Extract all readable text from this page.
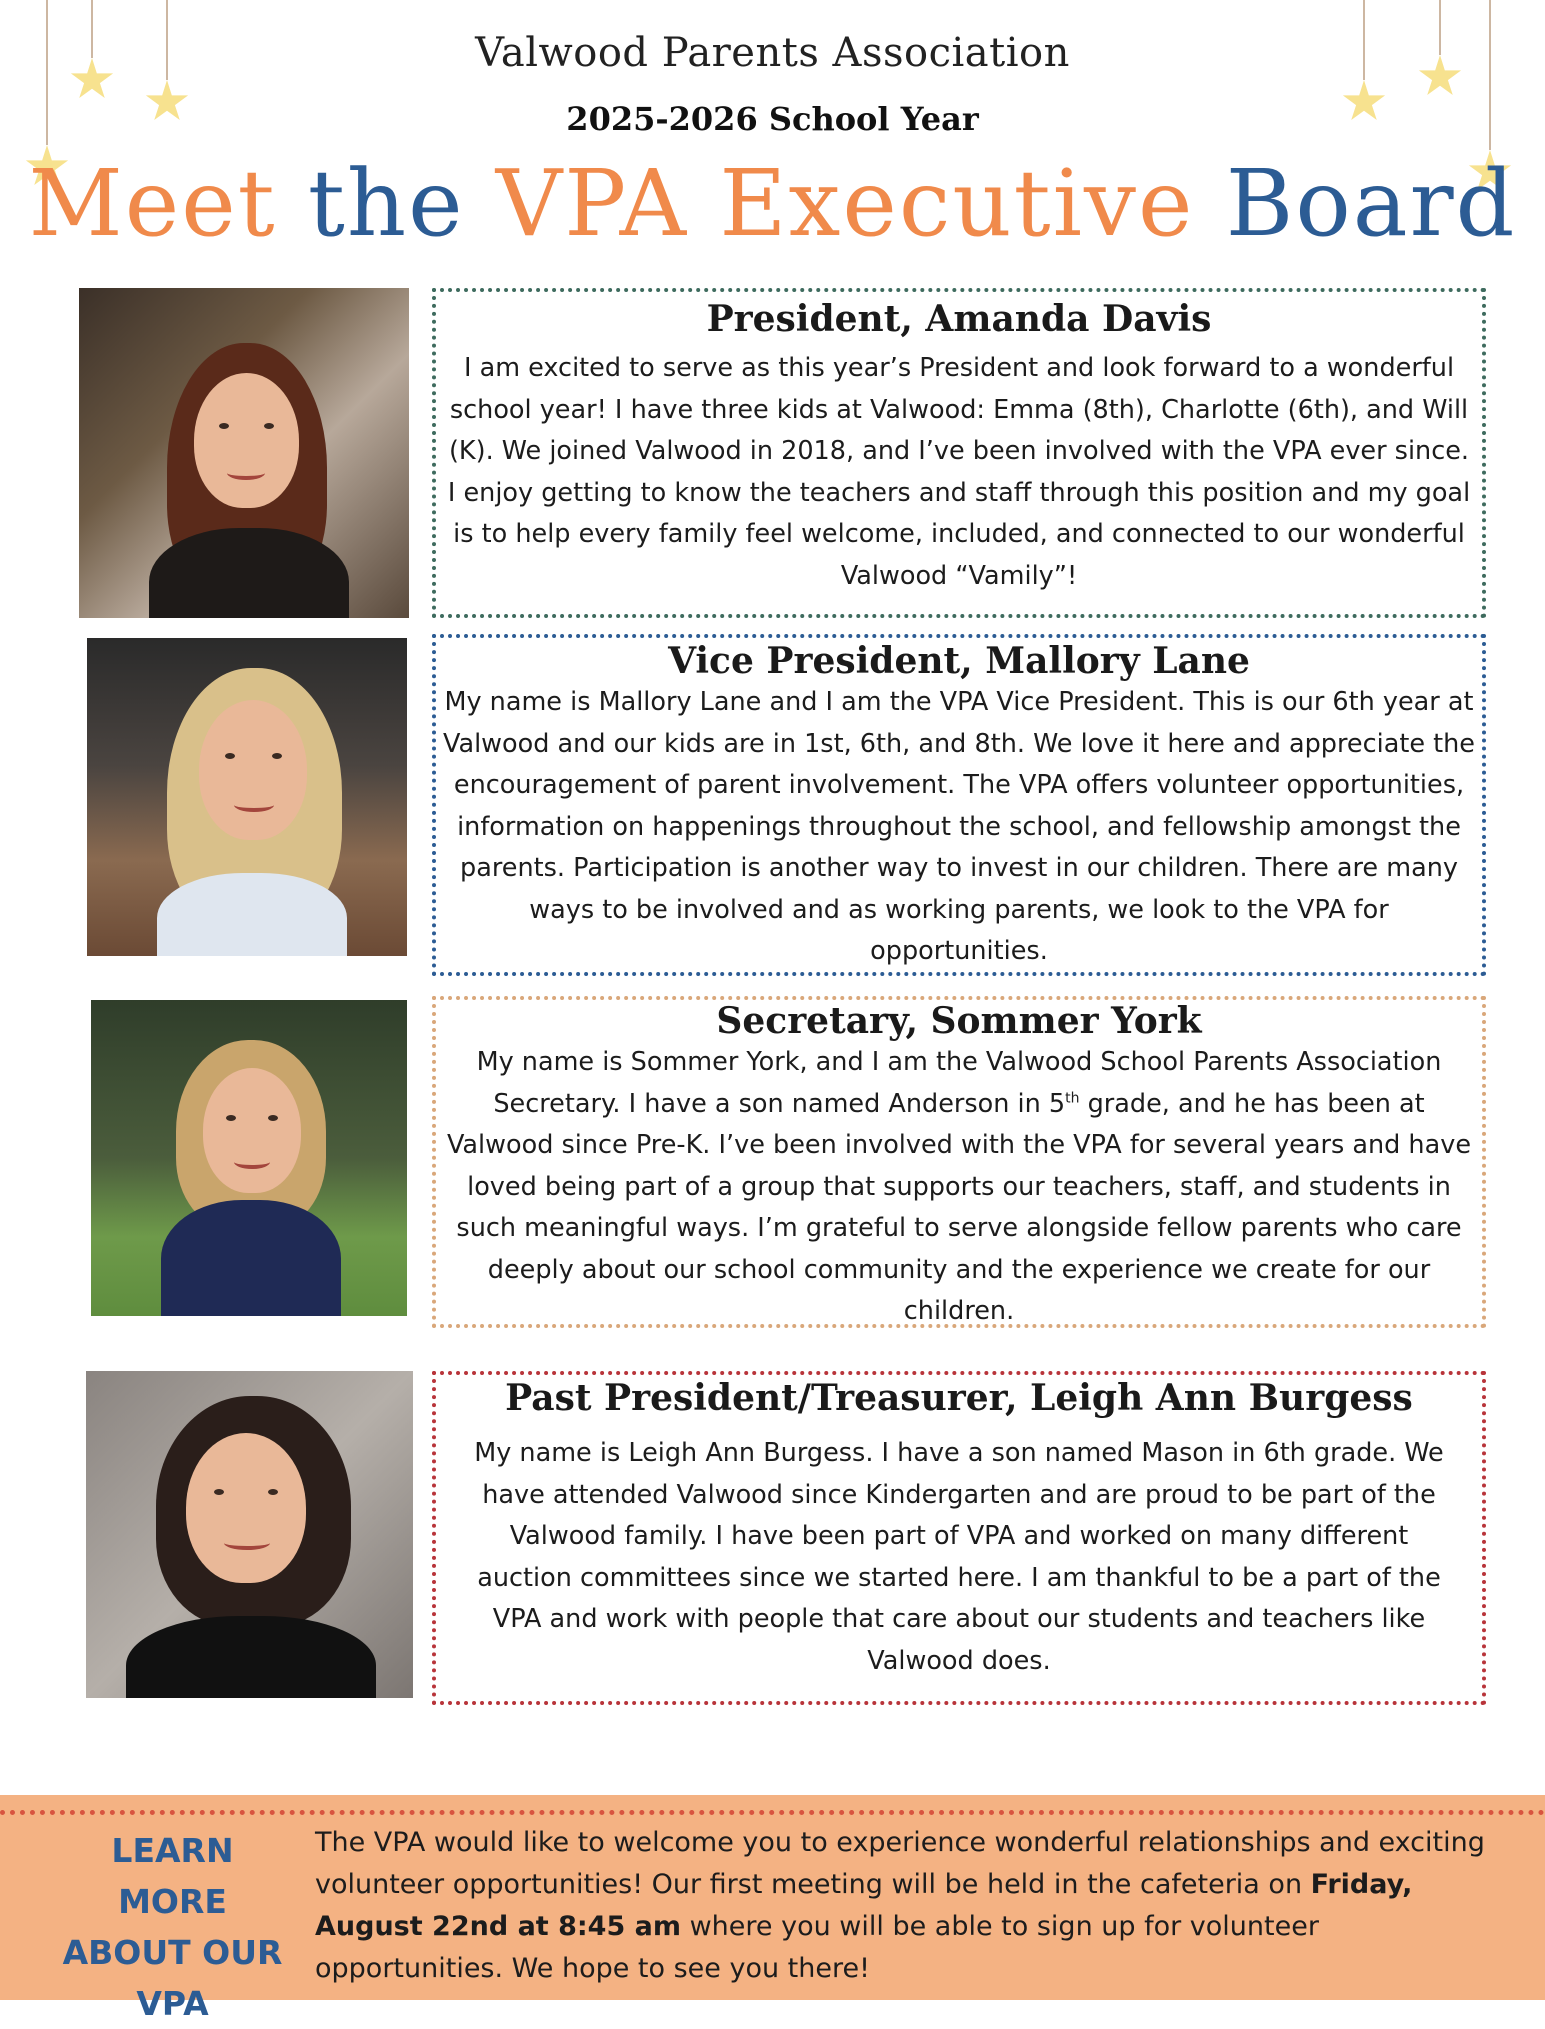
Valwood Parents Association
2025-2026 School Year
Meet the VPA Executive Board

President, Amanda Davis

I am excited to serve as this year’s President and look forward to a wonderful school year! I have three kids at Valwood: Emma (8th), Charlotte (6th), and Will (K). We joined Valwood in 2018, and I’ve been involved with the VPA ever since. I enjoy getting to know the teachers and staff through this position and my goal is to help every family feel welcome, included, and connected to our wonderful Valwood “Vamily”!

Vice President, Mallory Lane

My name is Mallory Lane and I am the VPA Vice President. This is our 6th year at Valwood and our kids are in 1st, 6th, and 8th. We love it here and appreciate the encouragement of parent involvement. The VPA offers volunteer opportunities, information on happenings throughout the school, and fellowship amongst the parents. Participation is another way to invest in our children. There are many ways to be involved and as working parents, we look to the VPA for opportunities.

Secretary, Sommer York

My name is Sommer York, and I am the Valwood School Parents Association Secretary. I have a son named Anderson in 5th grade, and he has been at Valwood since Pre-K. I’ve been involved with the VPA for several years and have loved being part of a group that supports our teachers, staff, and students in such meaningful ways. I’m grateful to serve alongside fellow parents who care deeply about our school community and the experience we create for our children.

Past President/Treasurer, Leigh Ann Burgess

My name is Leigh Ann Burgess. I have a son named Mason in 6th grade. We have attended Valwood since Kindergarten and are proud to be part of the Valwood family. I have been part of VPA and worked on many different auction committees since we started here. I am thankful to be a part of the VPA and work with people that care about our students and teachers like Valwood does.

LEARN MORE ABOUT OUR VPA
The VPA would like to welcome you to experience wonderful relationships and exciting volunteer opportunities! Our first meeting will be held in the cafeteria on Friday, August 22nd at 8:45 am where you will be able to sign up for volunteer opportunities. We hope to see you there!
